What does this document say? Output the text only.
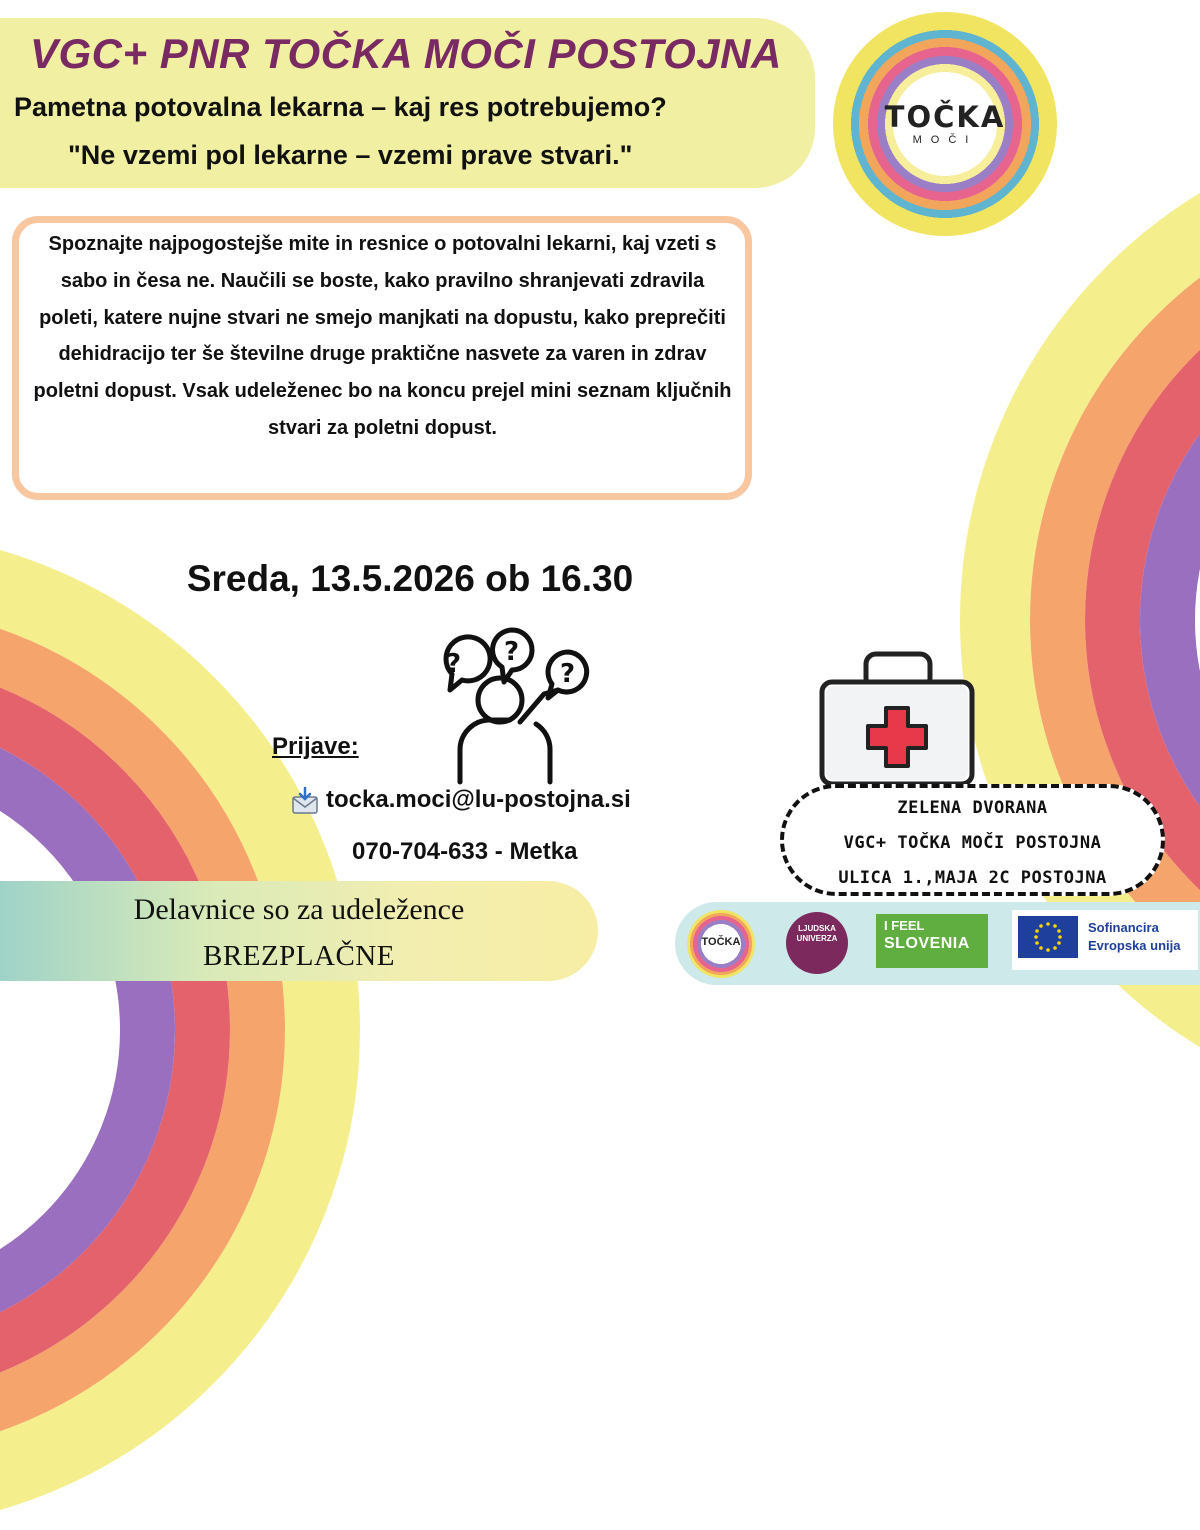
VGC+ PNR TOČKA MOČI POSTOJNA
Pametna potovalna lekarna – kaj res potrebujemo?
"Ne vzemi pol lekarne – vzemi prave stvari."
TOČKA
MOČI
Spoznajte najpogostejše mite in resnice o potovalni lekarni, kaj vzeti s sabo in česa ne. Naučili se boste, kako pravilno shranjevati zdravila poleti, katere nujne stvari ne smejo manjkati na dopustu, kako preprečiti dehidracijo ter še številne druge praktične nasvete za varen in zdrav poletni dopust. Vsak udeleženec bo na koncu prejel mini seznam ključnih stvari za poletni dopust.
Sreda, 13.5.2026 ob 16.30
? ?
?
Prijave:
tocka.moci@lu-postojna.si
070-704-633 - Metka
ZELENA DVORANA
VGC+ TOČKA MOČI POSTOJNA
ULICA 1.,MAJA 2C POSTOJNA
Delavnice so za udeležence
BREZPLAČNE	TOČKA
LJUDSKA UNIVERZA
I FEEL
SLOVENIA
Sofinancira
Evropska unija
